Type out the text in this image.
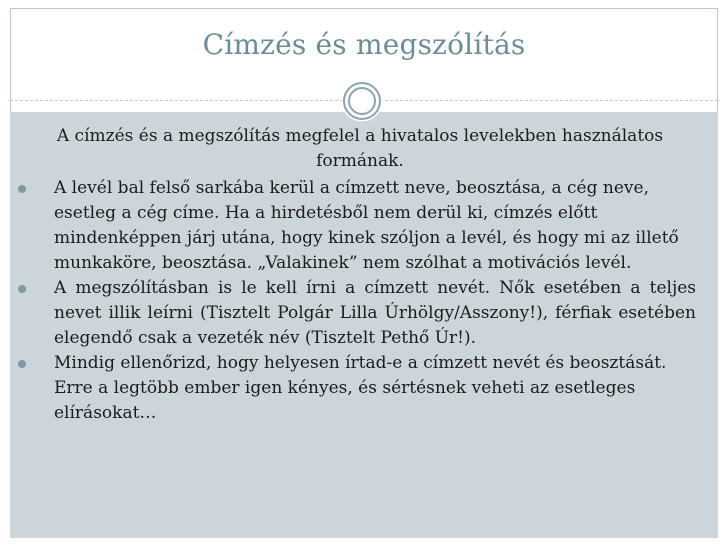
Címzés és megszólítás
A címzés és a megszólítás megfelel a hivatalos levelekben használatos formának.
A levél bal felső sarkába kerül a címzett neve, beosztása, a cég neve, esetleg a cég címe. Ha a hirdetésből nem derül ki, címzés előtt mindenképpen járj utána, hogy kinek szóljon a levél, és hogy mi az illető munkaköre, beosztása. „Valakinek” nem szólhat a motivációs levél.
A megszólításban is le kell írni a címzett nevét. Nők esetében a teljes nevet illik leírni (Tisztelt Polgár Lilla Úrhölgy/Asszony!), férfiak esetében elegendő csak a vezeték név (Tisztelt Pethő Úr!).
Mindig ellenőrizd, hogy helyesen írtad-e a címzett nevét és beosztását. Erre a legtöbb ember igen kényes, és sértésnek veheti az esetleges elírásokat…
